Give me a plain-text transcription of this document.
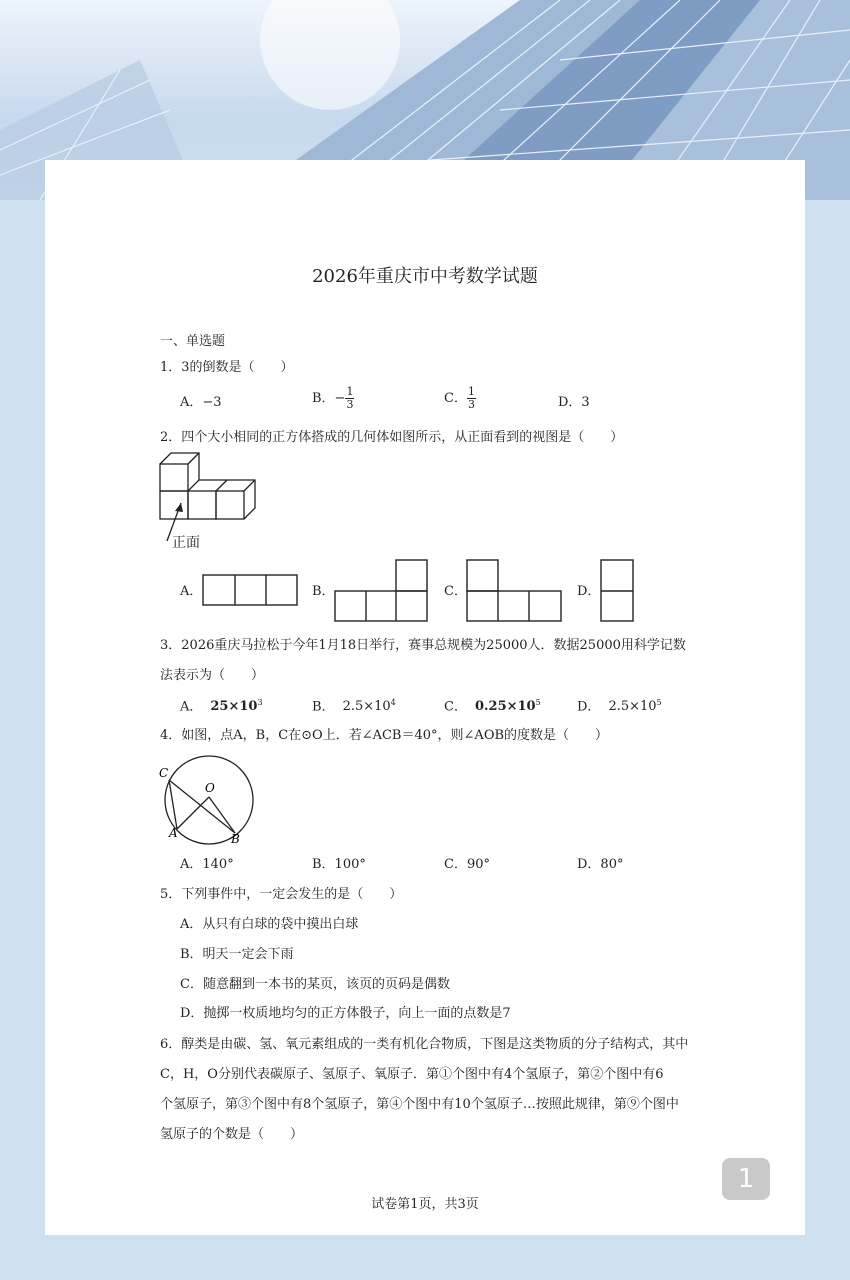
2026年重庆市中考数学试题
一、单选题
1．3的倒数是（　　）
A．−3	B．− $\frac{1}{3}$	C． $\frac{1}{3}$	D．3
2．四个大小相同的正方体搭成的几何体如图所示，从正面看到的视图是（　　）
正面
A．	B．	C．	D．
3．2026重庆马拉松于今年1月18日举行，赛事总规模为25000人．数据25000用科学记数
法表示为（　　）
A． $25\times 10^3$	B． $2.5\times 10^4$	C． $0.25\times 10^5$	D． $2.5\times 10^5$
4．如图，点A，B，C在⊙O上．若∠ACB＝40°，则∠AOB的度数是（　　）
C
O
A	B
A．140°	B．100°	C．90°	D．80°
5．下列事件中，一定会发生的是（　　）
A．从只有白球的袋中摸出白球
B．明天一定会下雨
C．随意翻到一本书的某页，该页的页码是偶数
D．抛掷一枚质地均匀的正方体骰子，向上一面的点数是7
6．醇类是由碳、氢、氧元素组成的一类有机化合物质，下图是这类物质的分子结构式，其中
C，H，O分别代表碳原子、氢原子、氧原子．第①个图中有4个氢原子，第②个图中有6
个氢原子，第③个图中有8个氢原子，第④个图中有10个氢原子…按照此规律，第⑨个图中
氢原子的个数是（　　）
1
试卷第1页，共3页
